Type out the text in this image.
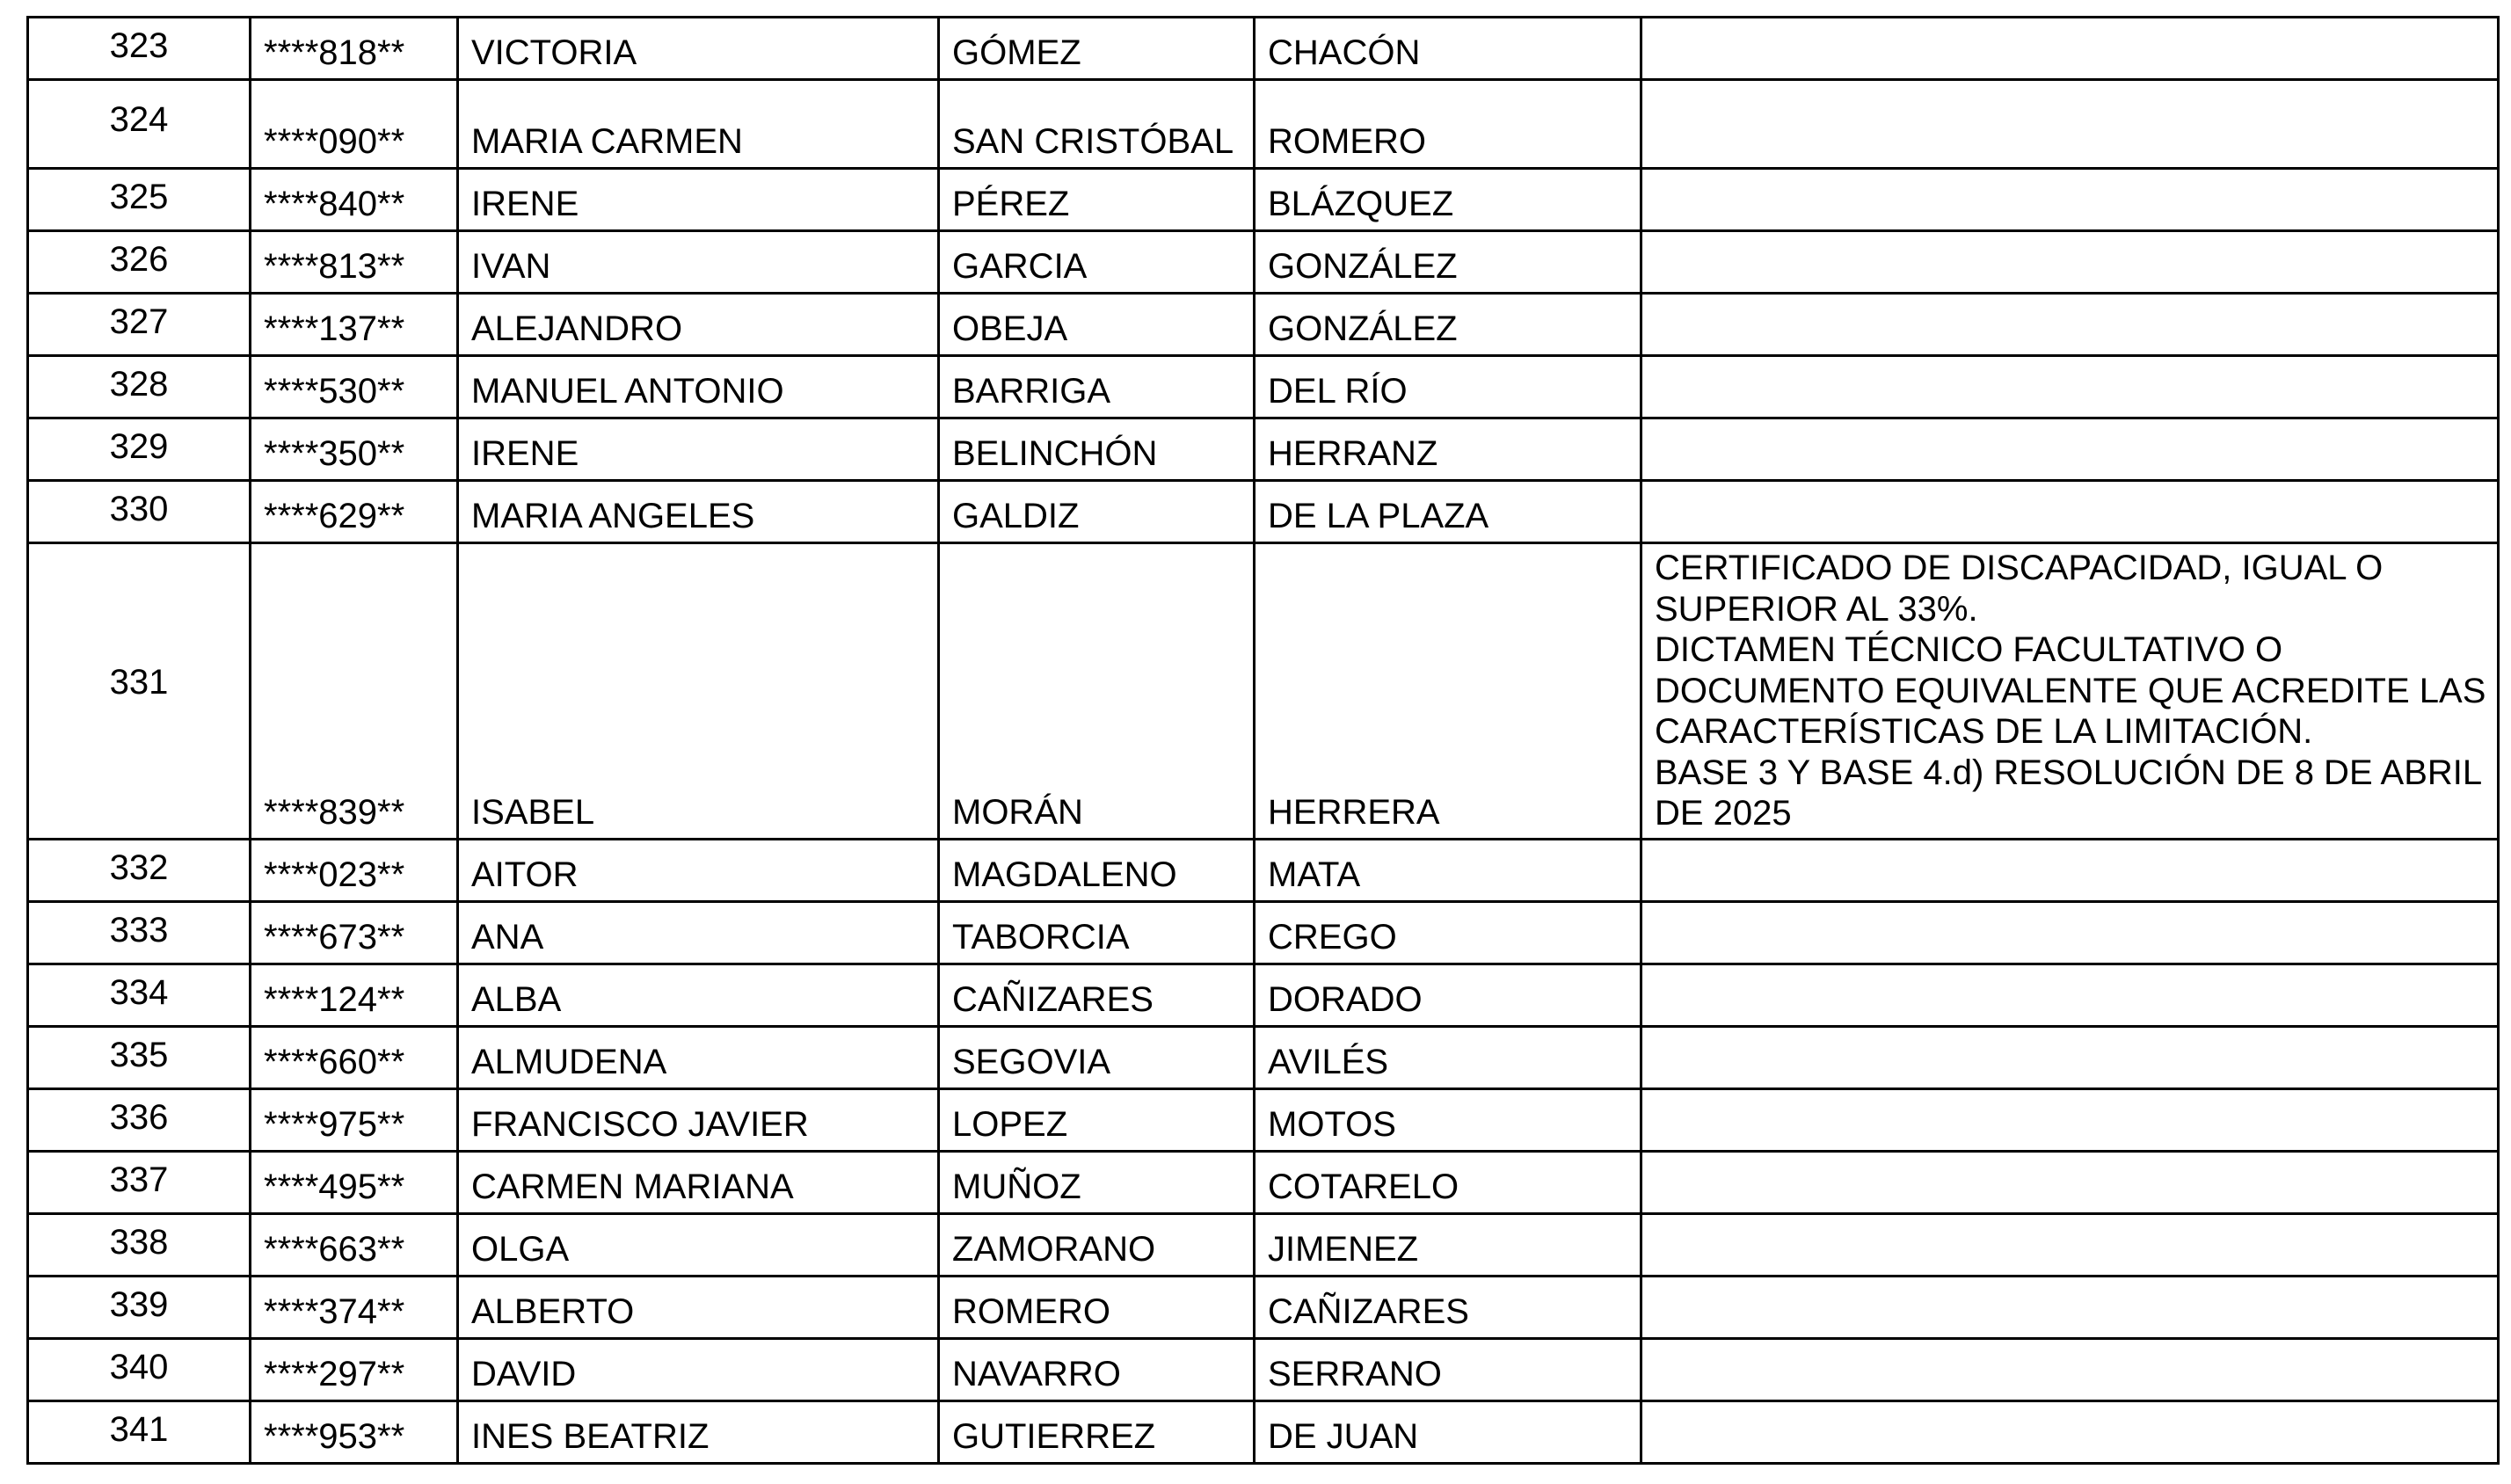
323	****818**	VICTORIA	GÓMEZ	CHACÓN	
324	****090**	MARIA CARMEN	SAN CRISTÓBAL	ROMERO	
325	****840**	IRENE	PÉREZ	BLÁZQUEZ	
326	****813**	IVAN	GARCIA	GONZÁLEZ	
327	****137**	ALEJANDRO	OBEJA	GONZÁLEZ	
328	****530**	MANUEL ANTONIO	BARRIGA	DEL RÍO	
329	****350**	IRENE	BELINCHÓN	HERRANZ	
330	****629**	MARIA ANGELES	GALDIZ	DE LA PLAZA	
331	****839**	ISABEL	MORÁN	HERRERA	CERTIFICADO DE DISCAPACIDAD, IGUAL O SUPERIOR AL 33%.
DICTAMEN TÉCNICO FACULTATIVO O DOCUMENTO EQUIVALENTE QUE ACREDITE LAS CARACTERÍSTICAS DE LA LIMITACIÓN.
BASE 3 Y BASE 4.d) RESOLUCIÓN DE 8 DE ABRIL DE 2025
332	****023**	AITOR	MAGDALENO	MATA	
333	****673**	ANA	TABORCIA	CREGO	
334	****124**	ALBA	CAÑIZARES	DORADO	
335	****660**	ALMUDENA	SEGOVIA	AVILÉS	
336	****975**	FRANCISCO JAVIER	LOPEZ	MOTOS	
337	****495**	CARMEN MARIANA	MUÑOZ	COTARELO	
338	****663**	OLGA	ZAMORANO	JIMENEZ	
339	****374**	ALBERTO	ROMERO	CAÑIZARES	
340	****297**	DAVID	NAVARRO	SERRANO	
341	****953**	INES BEATRIZ	GUTIERREZ	DE JUAN	
